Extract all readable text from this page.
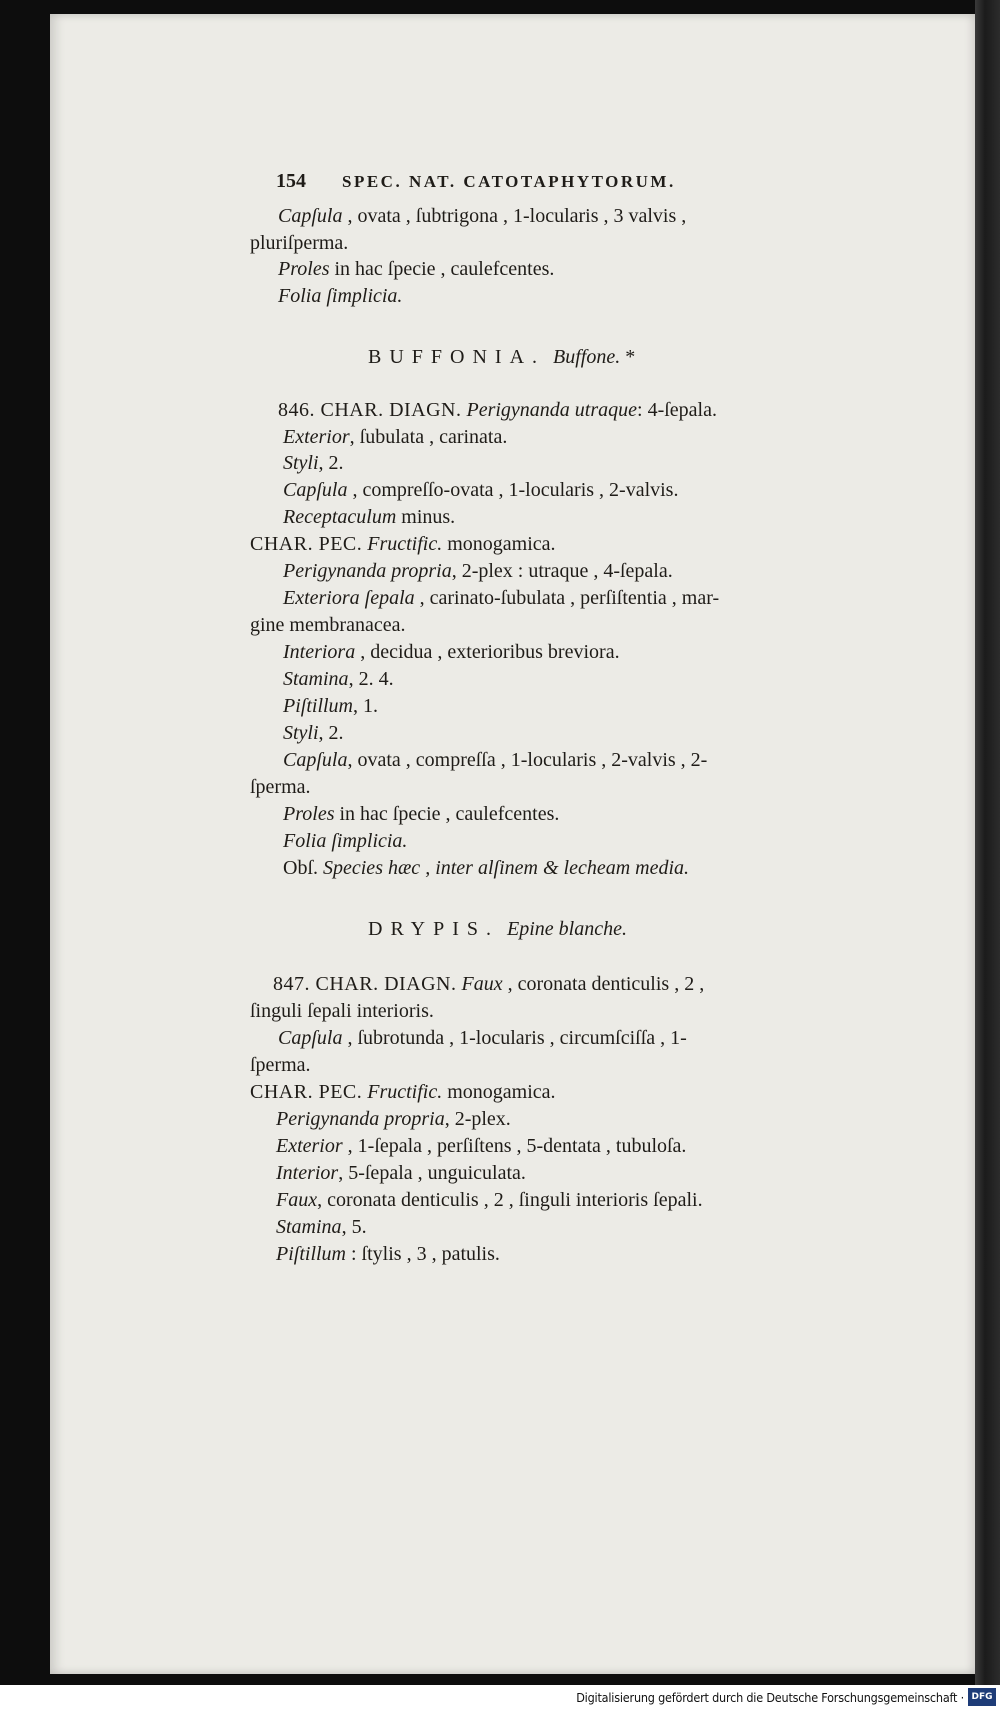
154 SPEC. NAT. CATOTAPHYTORUM.
Capſula , ovata , ſubtrigona , 1-locularis , 3 valvis ,
pluriſperma.
Proles in hac ſpecie , caulefcentes.
Folia ſimplicia.
BUFFONIA. Buffone. *
846. CHAR. DIAGN. Perigynanda utraque: 4-ſepala.
Exterior, ſubulata , carinata.
Styli, 2.
Capſula , compreſſo-ovata , 1-locularis , 2-valvis.
Receptaculum minus.
CHAR. PEC. Fructific. monogamica.
Perigynanda propria, 2-plex : utraque , 4-ſepala.
Exteriora ſepala , carinato-ſubulata , perſiſtentia , mar-
gine membranacea.
Interiora , decidua , exterioribus breviora.
Stamina, 2. 4.
Piſtillum, 1.
Styli, 2.
Capſula, ovata , compreſſa , 1-locularis , 2-valvis , 2-
ſperma.
Proles in hac ſpecie , caulefcentes.
Folia ſimplicia.
Obſ. Species hæc , inter alſinem & lecheam media.
DRYPIS. Epine blanche.
847. CHAR. DIAGN. Faux , coronata denticulis , 2 ,
ſinguli ſepali interioris.
Capſula , ſubrotunda , 1-locularis , circumſciſſa , 1-
ſperma.
CHAR. PEC. Fructific. monogamica.
Perigynanda propria, 2-plex.
Exterior , 1-ſepala , perſiſtens , 5-dentata , tubuloſa.
Interior, 5-ſepala , unguiculata.
Faux, coronata denticulis , 2 , ſinguli interioris ſepali.
Stamina, 5.
Piſtillum : ſtylis , 3 , patulis.
Digitalisierung gefördert durch die Deutsche Forschungsgemeinschaft · DFG
